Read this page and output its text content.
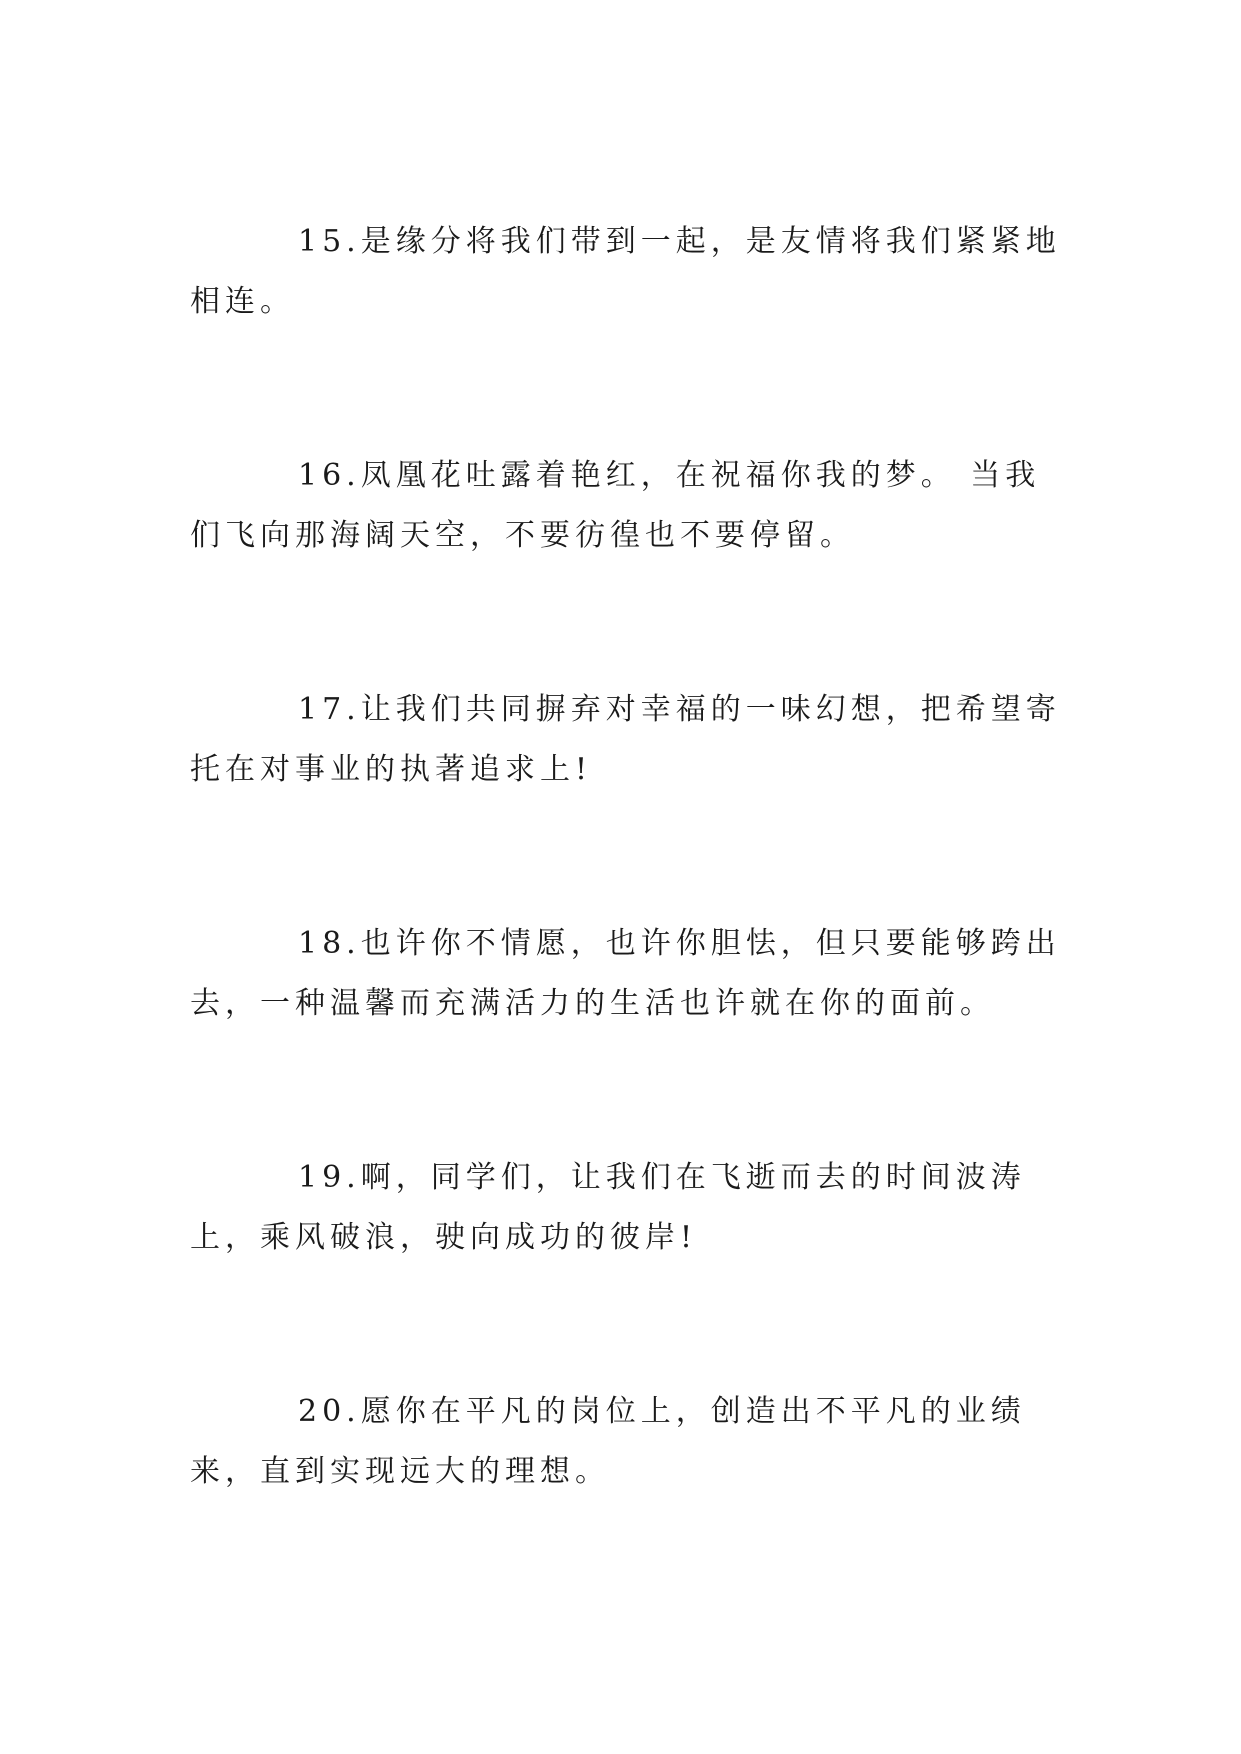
15.是缘分将我们带到一起，是友情将我们紧紧地相连。

16.凤凰花吐露着艳红，在祝福你我的梦。 当我们飞向那海阔天空，不要彷徨也不要停留。

17.让我们共同摒弃对幸福的一味幻想，把希望寄托在对事业的执著追求上!

18.也许你不情愿，也许你胆怯，但只要能够跨出去，一种温馨而充满活力的生活也许就在你的面前。

19.啊，同学们，让我们在飞逝而去的时间波涛上，乘风破浪，驶向成功的彼岸!

20.愿你在平凡的岗位上，创造出不平凡的业绩来，直到实现远大的理想。
